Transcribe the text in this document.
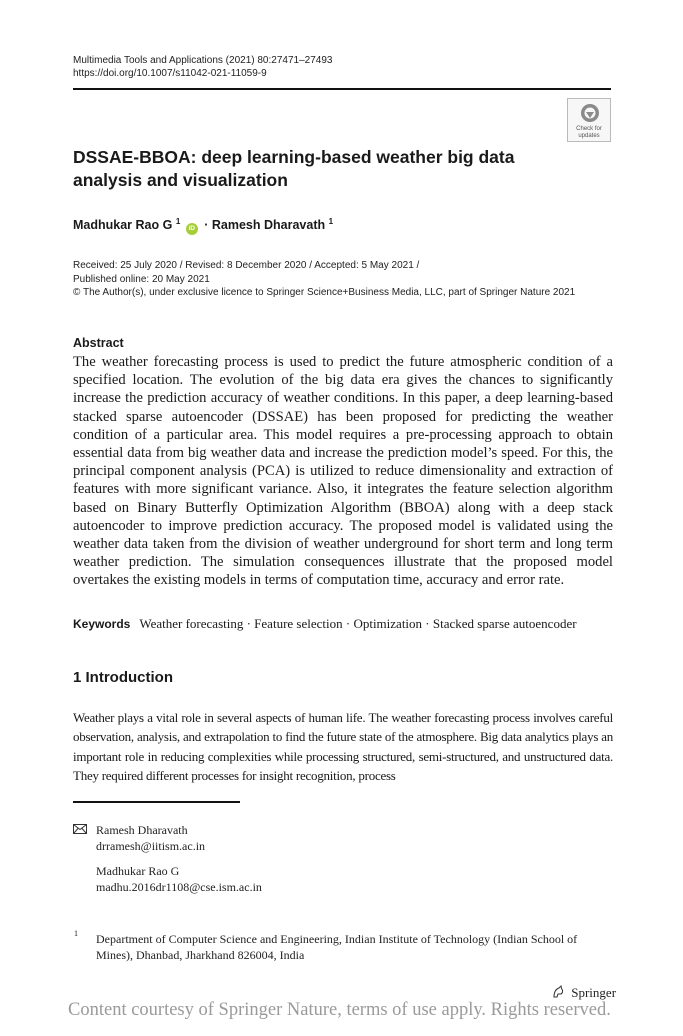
Multimedia Tools and Applications (2021) 80:27471–27493
https://doi.org/10.1007/s11042-021-11059-9
Check for
updates
DSSAE-BBOA: deep learning-based weather big data analysis and visualization
Madhukar Rao G $^1$ iD · Ramesh Dharavath $^1$
Received: 25 July 2020 / Revised: 8 December 2020 / Accepted: 5 May 2021 /
Published online: 20 May 2021
© The Author(s), under exclusive licence to Springer Science+Business Media, LLC, part of Springer Nature 2021
Abstract
The weather forecasting process is used to predict the future atmospheric condition of a specified location. The evolution of the big data era gives the chances to significantly increase the prediction accuracy of weather conditions. In this paper, a deep learning-based stacked sparse autoencoder (DSSAE) has been proposed for predicting the weather condition of a particular area. This model requires a pre-processing approach to obtain essential data from big weather data and increase the prediction model’s speed. For this, the principal component analysis (PCA) is utilized to reduce dimensionality and extraction of features with more significant variance. Also, it integrates the feature selection algorithm based on Binary Butterfly Optimization Algorithm (BBOA) along with a deep stack autoencoder to improve prediction accuracy. The proposed model is validated using the weather data taken from the division of weather underground for short term and long term weather prediction. The simulation consequences illustrate that the proposed model overtakes the existing models in terms of computation time, accuracy and error rate.
Keywords Weather forecasting · Feature selection · Optimization · Stacked sparse autoencoder
1 Introduction
Weather plays a vital role in several aspects of human life. The weather forecasting process involves careful observation, analysis, and extrapolation to find the future state of the atmosphere. Big data analytics plays an important role in reducing complexities while processing structured, semi-structured, and unstructured data. They required different processes for insight recognition, process
Ramesh Dharavath
drramesh@iitism.ac.in
Madhukar Rao G
madhu.2016dr1108@cse.ism.ac.in
1 Department of Computer Science and Engineering, Indian Institute of Technology (Indian School of Mines), Dhanbad, Jharkhand 826004, India
Springer
Content courtesy of Springer Nature, terms of use apply. Rights reserved.
